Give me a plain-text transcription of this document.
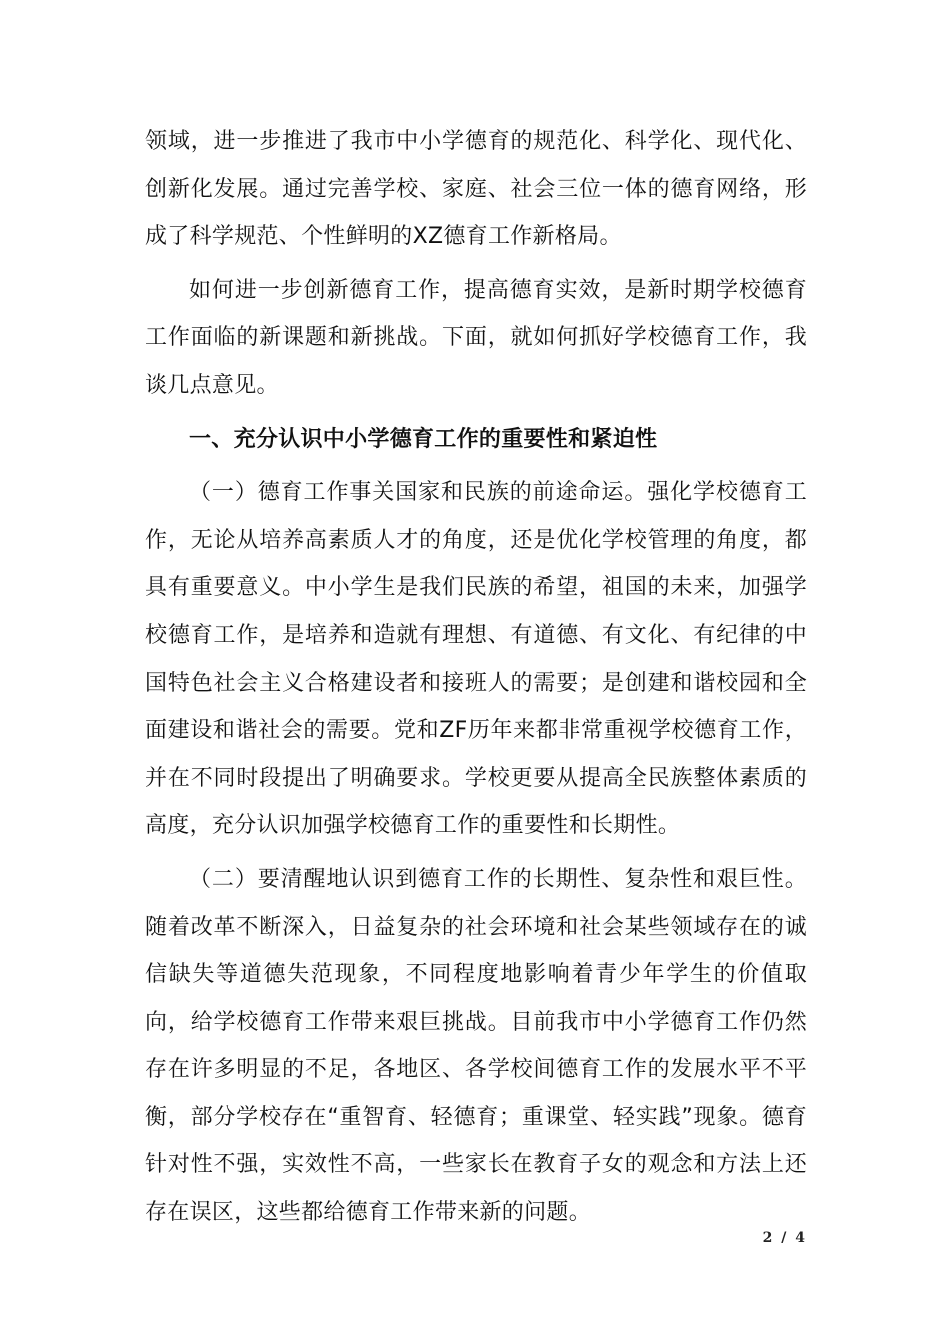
领域，进一步推进了我市中小学德育的规范化、科学化、现代化、创新化发展。通过完善学校、家庭、社会三位一体的德育网络，形成了科学规范、个性鲜明的XZ德育工作新格局。

如何进一步创新德育工作，提高德育实效，是新时期学校德育工作面临的新课题和新挑战。下面，就如何抓好学校德育工作，我谈几点意见。

一、充分认识中小学德育工作的重要性和紧迫性

（一）德育工作事关国家和民族的前途命运。强化学校德育工作，无论从培养高素质人才的角度，还是优化学校管理的角度，都具有重要意义。中小学生是我们民族的希望，祖国的未来，加强学校德育工作，是培养和造就有理想、有道德、有文化、有纪律的中国特色社会主义合格建设者和接班人的需要；是创建和谐校园和全面建设和谐社会的需要。党和ZF历年来都非常重视学校德育工作，并在不同时段提出了明确要求。学校更要从提高全民族整体素质的高度，充分认识加强学校德育工作的重要性和长期性。

（二）要清醒地认识到德育工作的长期性、复杂性和艰巨性。随着改革不断深入，日益复杂的社会环境和社会某些领域存在的诚信缺失等道德失范现象，不同程度地影响着青少年学生的价值取向，给学校德育工作带来艰巨挑战。目前我市中小学德育工作仍然存在许多明显的不足，各地区、各学校间德育工作的发展水平不平衡，部分学校存在“重智育、轻德育；重课堂、轻实践”现象。德育针对性不强，实效性不高，一些家长在教育子女的观念和方法上还存在误区，这些都给德育工作带来新的问题。

2 / 4
